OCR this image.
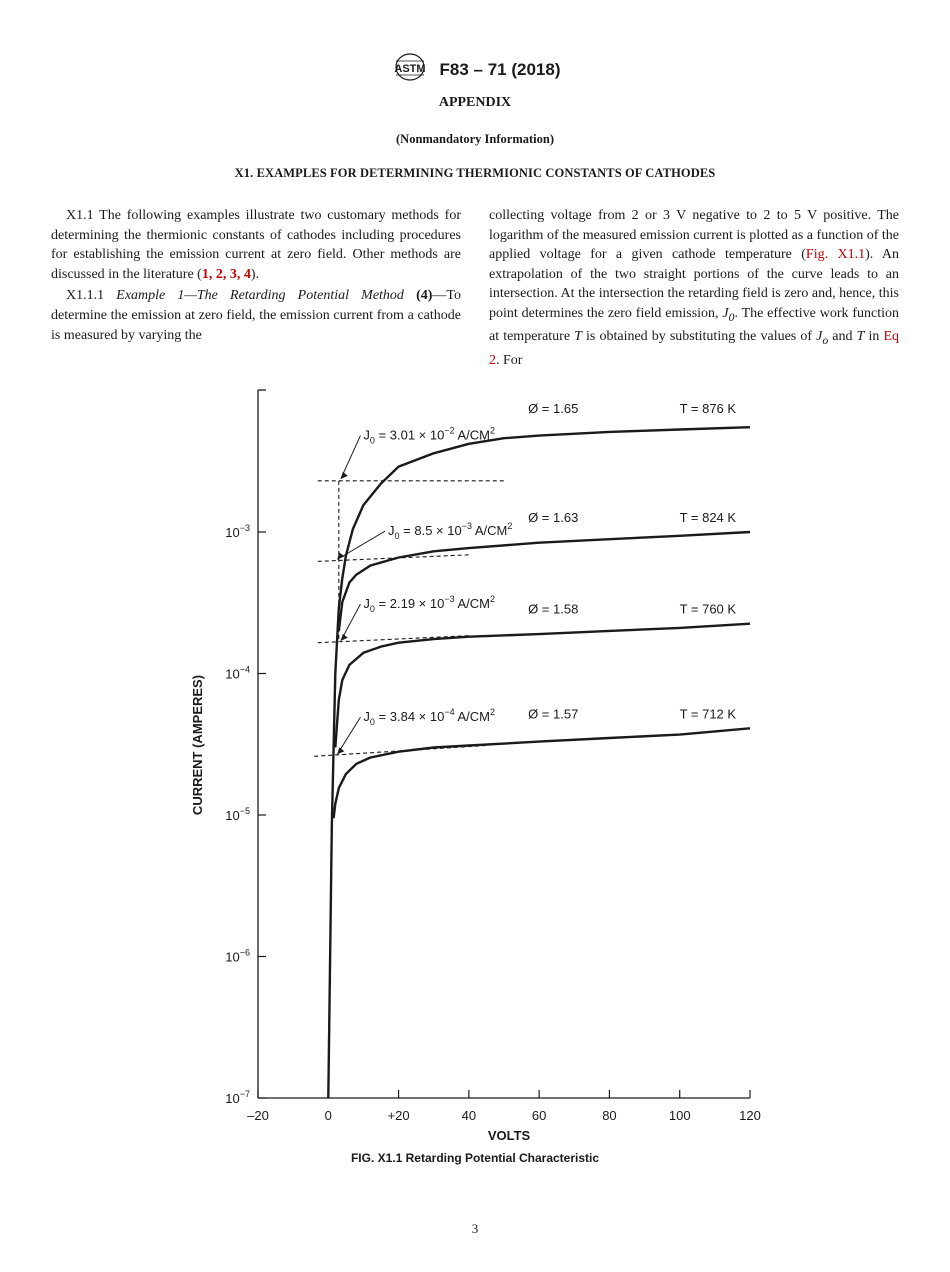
ASTM F83 – 71 (2018)
APPENDIX
(Nonmandatory Information)
X1. EXAMPLES FOR DETERMINING THERMIONIC CONSTANTS OF CATHODES

X1.1 The following examples illustrate two customary methods for determining the thermionic constants of cathodes including procedures for establishing the emission current at zero field. Other methods are discussed in the literature (1, 2, 3, 4).

X1.1.1 Example 1—The Retarding Potential Method (4)—To determine the emission at zero field, the emission current from a cathode is measured by varying the

collecting voltage from 2 or 3 V negative to 2 to 5 V positive. The logarithm of the measured emission current is plotted as a function of the applied voltage for a given cathode temperature (Fig. X1.1). An extrapolation of the two straight portions of the curve leads to an intersection. At the intersection the retarding field is zero and, hence, this point determines the zero field emission, $J_0$. The effective work function at temperature T is obtained by substituting the values of $J_o$ and T in Eq 2. For

$10^{-3}$
$10^{-4}$
$10^{-5}$
$10^{-6}$
$10^{-7}$
–20	0	+20	40	60	80	100	120
VOLTS
CURRENT (AMPERES)
Ø = 1.65	T = 876 K
$J_0 = 3.01 \times 10^{-2}$ $A/CM^2$
Ø = 1.63	T = 824 K
$J_0 = 8.5 \times 10^{-3}$ $A/CM^2$
Ø = 1.58	T = 760 K
$J_0 = 2.19 \times 10^{-3}$ $A/CM^2$
Ø = 1.57	T = 712 K
$J_0 = 3.84 \times 10^{-4}$ $A/CM^2$
FIG. X1.1 Retarding Potential Characteristic
3
